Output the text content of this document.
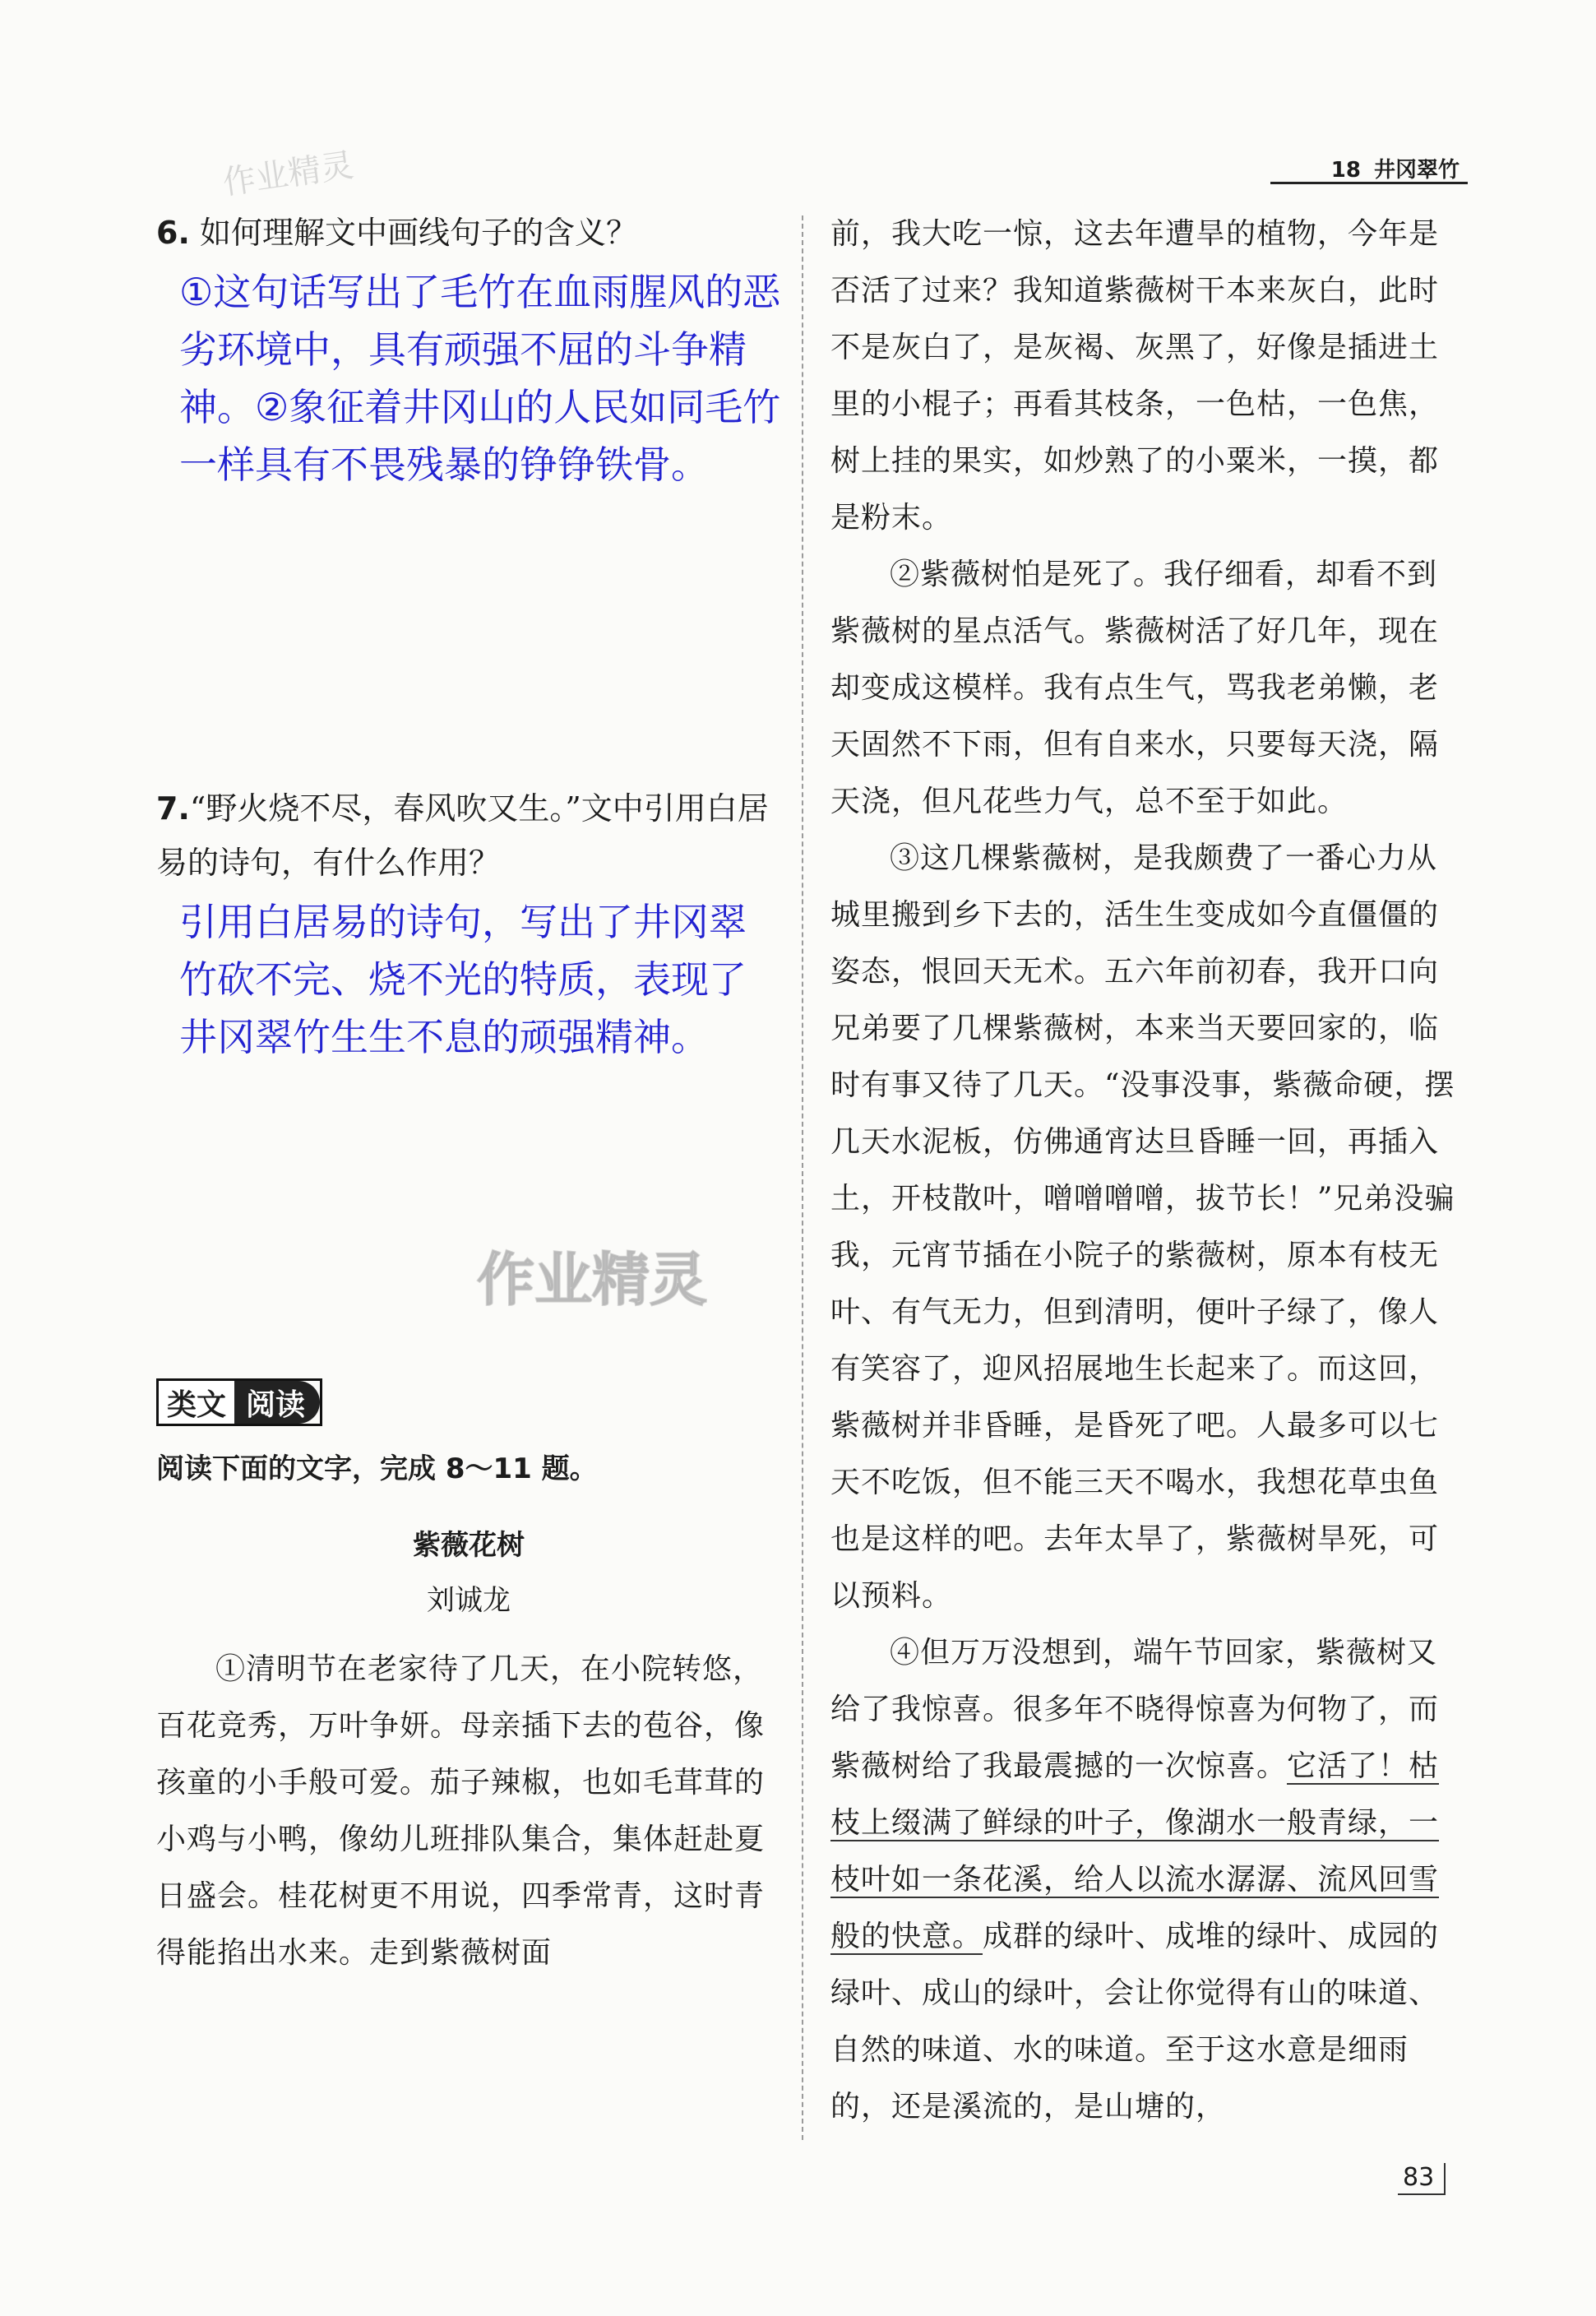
18 井冈翠竹
作业精灵
作业精灵

6. 如何理解文中画线句子的含义？

①这句话写出了毛竹在血雨腥风的恶劣环境中，具有顽强不屈的斗争精神。②象征着井冈山的人民如同毛竹一样具有不畏残暴的铮铮铁骨。

7.“野火烧不尽，春风吹又生。”文中引用白居易的诗句，有什么作用？

引用白居易的诗句，写出了井冈翠竹砍不完、烧不光的特质，表现了井冈翠竹生生不息的顽强精神。

类文 阅读

阅读下面的文字，完成 8～11 题。

紫薇花树

刘诚龙

①清明节在老家待了几天，在小院转悠，百花竞秀，万叶争妍。母亲插下去的苞谷，像孩童的小手般可爱。茄子辣椒，也如毛茸茸的小鸡与小鸭，像幼儿班排队集合，集体赶赴夏日盛会。桂花树更不用说，四季常青，这时青得能掐出水来。走到紫薇树面

前，我大吃一惊，这去年遭旱的植物，今年是否活了过来？我知道紫薇树干本来灰白，此时不是灰白了，是灰褐、灰黑了，好像是插进土里的小棍子；再看其枝条，一色枯，一色焦，树上挂的果实，如炒熟了的小粟米，一摸，都是粉末。

②紫薇树怕是死了。我仔细看，却看不到紫薇树的星点活气。紫薇树活了好几年，现在却变成这模样。我有点生气，骂我老弟懒，老天固然不下雨，但有自来水，只要每天浇，隔天浇，但凡花些力气，总不至于如此。

③这几棵紫薇树，是我颇费了一番心力从城里搬到乡下去的，活生生变成如今直僵僵的姿态，恨回天无术。五六年前初春，我开口向兄弟要了几棵紫薇树，本来当天要回家的，临时有事又待了几天。“没事没事，紫薇命硬，摆几天水泥板，仿佛通宵达旦昏睡一回，再插入土，开枝散叶，噌噌噌噌，拔节长！”兄弟没骗我，元宵节插在小院子的紫薇树，原本有枝无叶、有气无力，但到清明，便叶子绿了，像人有笑容了，迎风招展地生长起来了。而这回，紫薇树并非昏睡，是昏死了吧。人最多可以七天不吃饭，但不能三天不喝水，我想花草虫鱼也是这样的吧。去年太旱了，紫薇树旱死，可以预料。

④但万万没想到，端午节回家，紫薇树又给了我惊喜。很多年不晓得惊喜为何物了，而紫薇树给了我最震撼的一次惊喜。它活了！枯枝上缀满了鲜绿的叶子，像湖水一般青绿，一枝叶如一条花溪，给人以流水潺潺、流风回雪般的快意。成群的绿叶、成堆的绿叶、成园的绿叶、成山的绿叶，会让你觉得有山的味道、自然的味道、水的味道。至于这水意是细雨的，还是溪流的，是山塘的，

83
